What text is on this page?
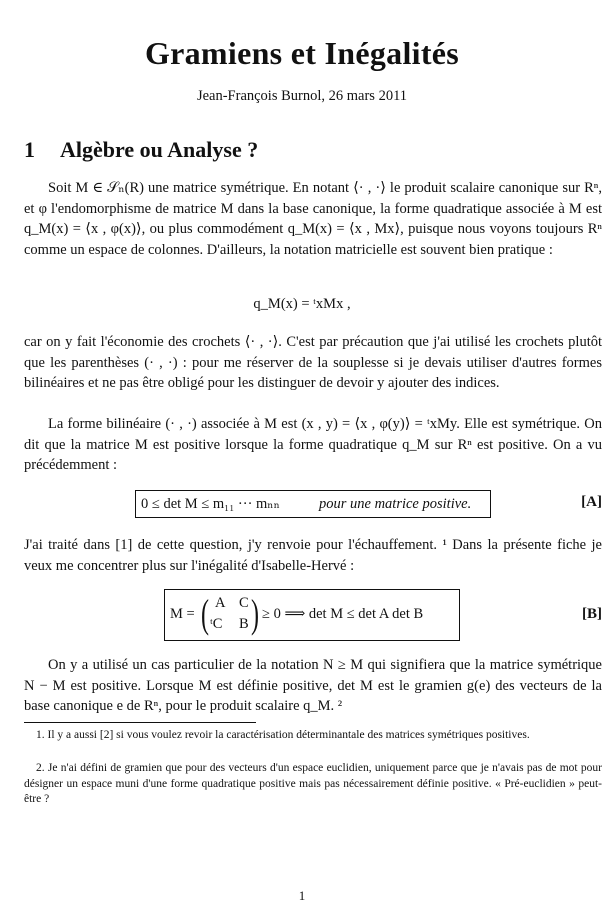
Gramiens et Inégalités
Jean-François Burnol, 26 mars 2011
1 Algèbre ou Analyse ?
Soit M ∈ 𝒮ₙ(R) une matrice symétrique. En notant ⟨· , ·⟩ le produit scalaire canonique sur Rⁿ, et φ l'endomorphisme de matrice M dans la base canonique, la forme quadratique associée à M est q_M(x) = ⟨x , φ(x)⟩, ou plus commodément q_M(x) = ⟨x , Mx⟩, puisque nous voyons toujours Rⁿ comme un espace de colonnes. D'ailleurs, la notation matricielle est souvent bien pratique :
q_M(x) = ᵗxMx ,
car on y fait l'économie des crochets ⟨· , ·⟩. C'est par précaution que j'ai utilisé les crochets plutôt que les parenthèses (· , ·) : pour me réserver de la souplesse si je devais utiliser d'autres formes bilinéaires et ne pas être obligé pour les distinguer de devoir y ajouter des indices.
La forme bilinéaire (· , ·) associée à M est (x , y) = ⟨x , φ(y)⟩ = ᵗxMy. Elle est symétrique. On dit que la matrice M est positive lorsque la forme quadratique q_M sur Rⁿ est positive. On a vu précédemment :
0 ≤ det M ≤ m₁₁ ··· mₙₙ	pour une matrice positive.	[A]
J'ai traité dans [1] de cette question, j'y renvoie pour l'échauffement. ¹ Dans la présente fiche je veux me concentrer plus sur l'inégalité d'Isabelle-Hervé :
M = ( A C
ᵗC B ) ≥ 0 ⟹ det M ≤ det A det B	[B]
On y a utilisé un cas particulier de la notation N ≥ M qui signifiera que la matrice symétrique N − M est positive. Lorsque M est définie positive, det M est le gramien g(e) des vecteurs de la base canonique e de Rⁿ, pour le produit scalaire q_M. ²
1. Il y a aussi [2] si vous voulez revoir la caractérisation déterminantale des matrices symétriques positives.
2. Je n'ai défini de gramien que pour des vecteurs d'un espace euclidien, uniquement parce que je n'avais pas de mot pour désigner un espace muni d'une forme quadratique positive mais pas nécessairement définie positive. « Pré-euclidien » peut-être ?
1
